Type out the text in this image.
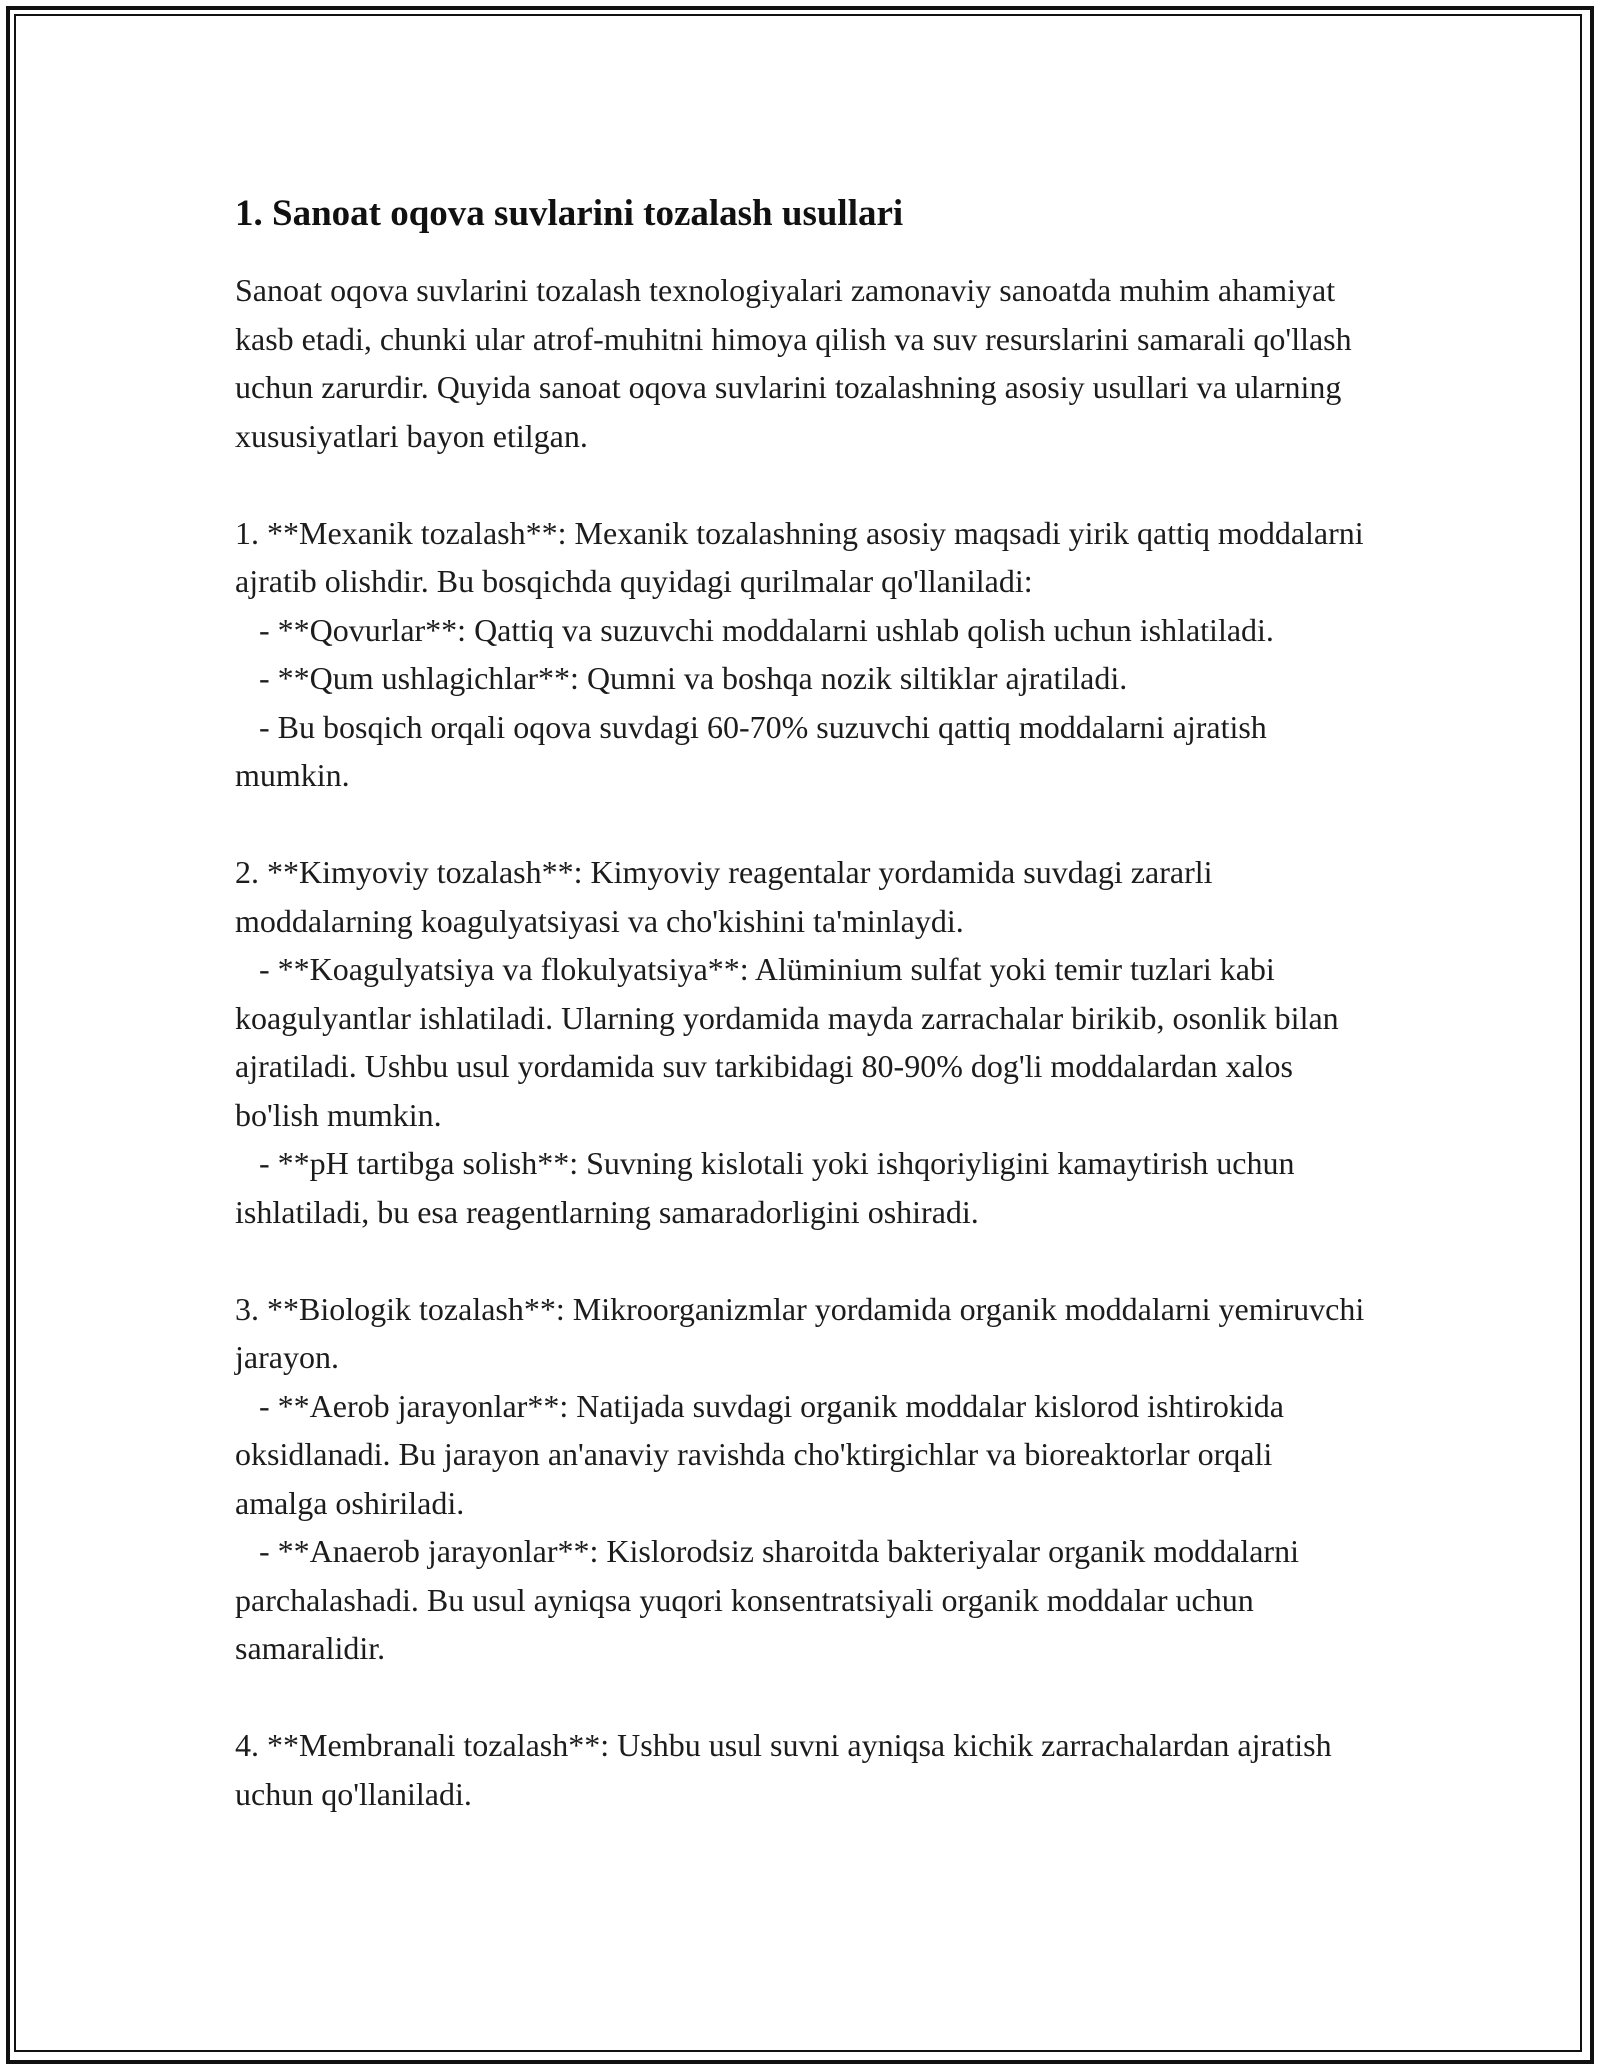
1. Sanoat oqova suvlarini tozalash usullari

Sanoat oqova suvlarini tozalash texnologiyalari zamonaviy sanoatda muhim ahamiyat kasb etadi, chunki ular atrof-muhitni himoya qilish va suv resurslarini samarali qo'llash uchun zarurdir. Quyida sanoat oqova suvlarini tozalashning asosiy usullari va ularning xususiyatlari bayon etilgan.

1. **Mexanik tozalash**: Mexanik tozalashning asosiy maqsadi yirik qattiq moddalarni ajratib olishdir. Bu bosqichda quyidagi qurilmalar qo'llaniladi:
- **Qovurlar**: Qattiq va suzuvchi moddalarni ushlab qolish uchun ishlatiladi.
- **Qum ushlagichlar**: Qumni va boshqa nozik siltiklar ajratiladi.
- Bu bosqich orqali oqova suvdagi 60-70% suzuvchi qattiq moddalarni ajratish mumkin.
2. **Kimyoviy tozalash**: Kimyoviy reagentalar yordamida suvdagi zararli moddalarning koagulyatsiyasi va cho'kishini ta'minlaydi.
- **Koagulyatsiya va flokulyatsiya**: Alüminium sulfat yoki temir tuzlari kabi koagulyantlar ishlatiladi. Ularning yordamida mayda zarrachalar birikib, osonlik bilan ajratiladi. Ushbu usul yordamida suv tarkibidagi 80-90% dog'li moddalardan xalos bo'lish mumkin.
- **pH tartibga solish**: Suvning kislotali yoki ishqoriyligini kamaytirish uchun ishlatiladi, bu esa reagentlarning samaradorligini oshiradi.
3. **Biologik tozalash**: Mikroorganizmlar yordamida organik moddalarni yemiruvchi jarayon.
- **Aerob jarayonlar**: Natijada suvdagi organik moddalar kislorod ishtirokida oksidlanadi. Bu jarayon an'anaviy ravishda cho'ktirgichlar va bioreaktorlar orqali amalga oshiriladi.
- **Anaerob jarayonlar**: Kislorodsiz sharoitda bakteriyalar organik moddalarni parchalashadi. Bu usul ayniqsa yuqori konsentratsiyali organik moddalar uchun samaralidir.
4. **Membranali tozalash**: Ushbu usul suvni ayniqsa kichik zarrachalardan ajratish uchun qo'llaniladi.
